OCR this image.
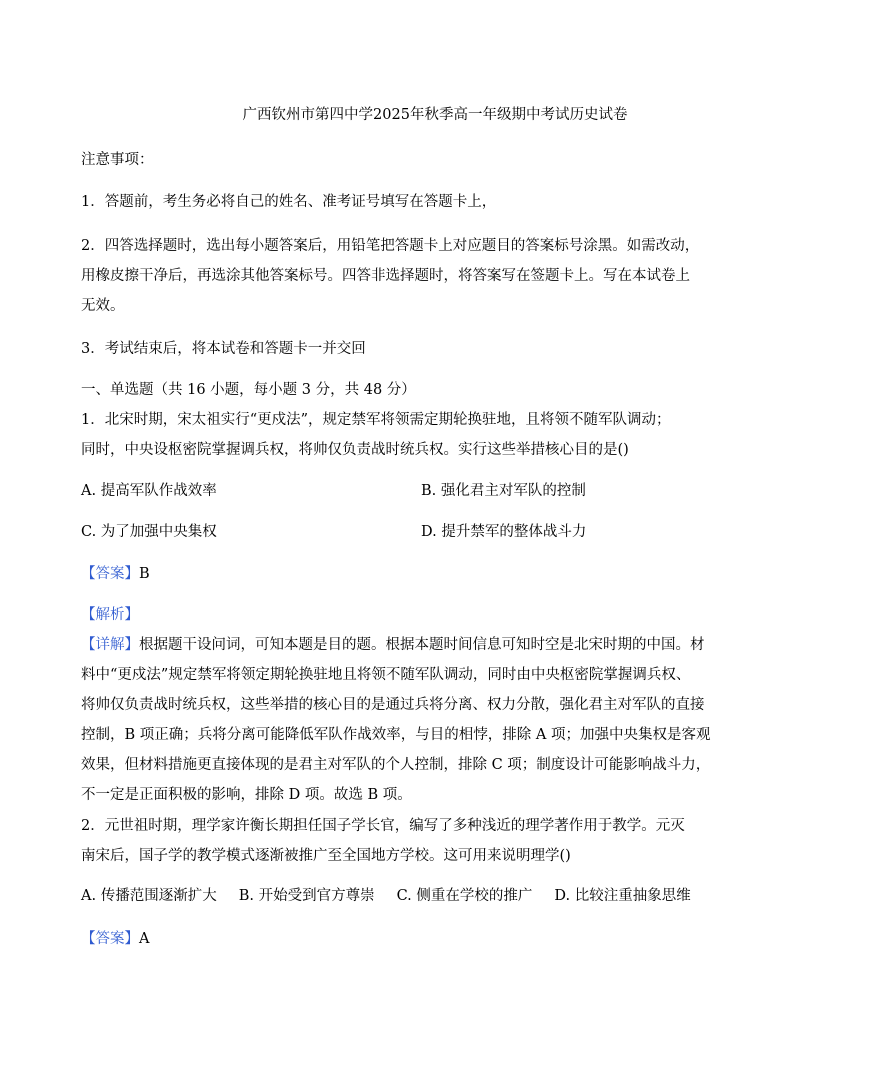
广西钦州市第四中学2025年秋季高一年级期中考试历史试卷
注意事项：
1．答题前，考生务必将自己的姓名、准考证号填写在答题卡上，
2．四答选择题时，选出每小题答案后，用铅笔把答题卡上对应题目的答案标号涂黑。如需改动，
用橡皮擦干净后，再选涂其他答案标号。四答非选择题时，将答案写在签题卡上。写在本试卷上
无效。
3．考试结束后，将本试卷和答题卡一并交回
一、单选题（共 16 小题，每小题 3 分，共 48 分）
1．北宋时期，宋太祖实行“更戍法”，规定禁军将领需定期轮换驻地，且将领不随军队调动；
同时，中央设枢密院掌握调兵权，将帅仅负责战时统兵权。实行这些举措核心目的是()
A. 提高军队作战效率	B. 强化君主对军队的控制
C. 为了加强中央集权	D. 提升禁军的整体战斗力
【答案】B
【解析】
【详解】根据题干设问词，可知本题是目的题。根据本题时间信息可知时空是北宋时期的中国。材
料中“更戍法”规定禁军将领定期轮换驻地且将领不随军队调动，同时由中央枢密院掌握调兵权、
将帅仅负责战时统兵权，这些举措的核心目的是通过兵将分离、权力分散，强化君主对军队的直接
控制，B 项正确；兵将分离可能降低军队作战效率，与目的相悖，排除 A 项；加强中央集权是客观
效果，但材料措施更直接体现的是君主对军队的个人控制，排除 C 项；制度设计可能影响战斗力，
不一定是正面积极的影响，排除 D 项。故选 B 项。
2．元世祖时期，理学家许衡长期担任国子学长官，编写了多种浅近的理学著作用于教学。元灭
南宋后，国子学的教学模式逐渐被推广至全国地方学校。这可用来说明理学()
A. 传播范围逐渐扩大 B. 开始受到官方尊崇 C. 侧重在学校的推广 D. 比较注重抽象思维
【答案】A
